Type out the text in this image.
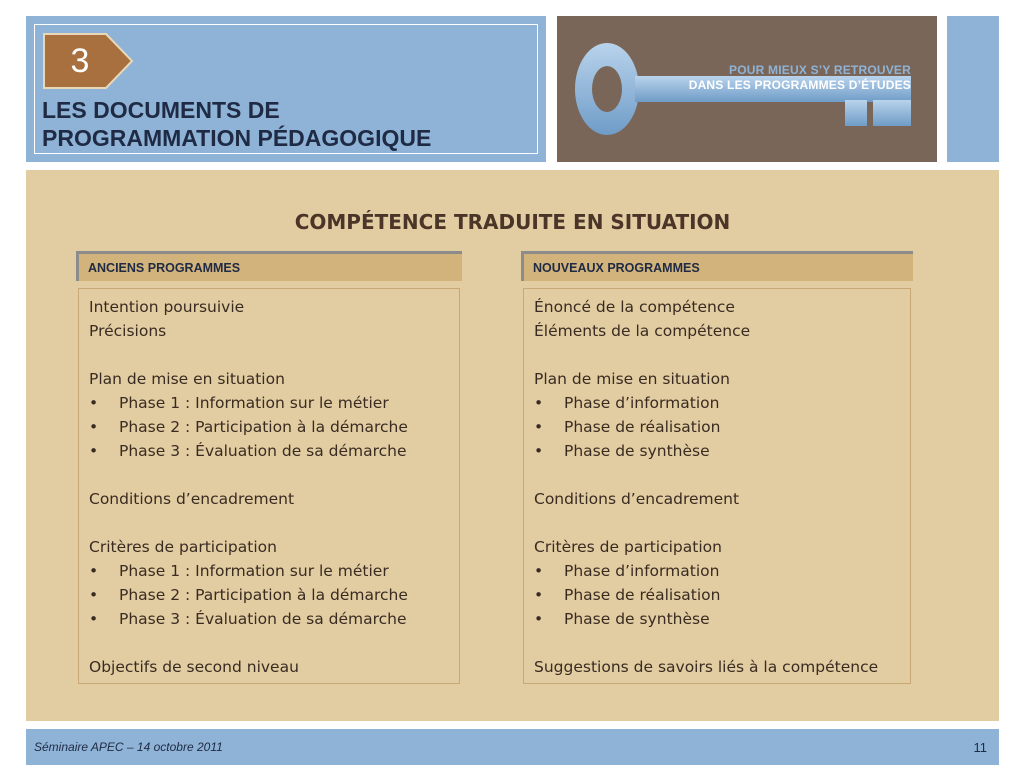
3
LES DOCUMENTS DE
PROGRAMMATION PÉDAGOGIQUE
POUR MIEUX S’Y RETROUVER
DANS LES PROGRAMMES D’ÉTUDES
COMPÉTENCE TRADUITE EN SITUATION
ANCIENS PROGRAMMES	NOUVEAUX PROGRAMMES
Intention poursuivie
Précisions
Plan de mise en situation
• Phase 1 : Information sur le métier
• Phase 2 : Participation à la démarche
• Phase 3 : Évaluation de sa démarche
Conditions d’encadrement
Critères de participation
• Phase 1 : Information sur le métier
• Phase 2 : Participation à la démarche
• Phase 3 : Évaluation de sa démarche
Objectifs de second niveau
Énoncé de la compétence
Éléments de la compétence
Plan de mise en situation
• Phase d’information
• Phase de réalisation
• Phase de synthèse
Conditions d’encadrement
Critères de participation
• Phase d’information
• Phase de réalisation
• Phase de synthèse
Suggestions de savoirs liés à la compétence
Séminaire APEC – 14 octobre 2011	11
